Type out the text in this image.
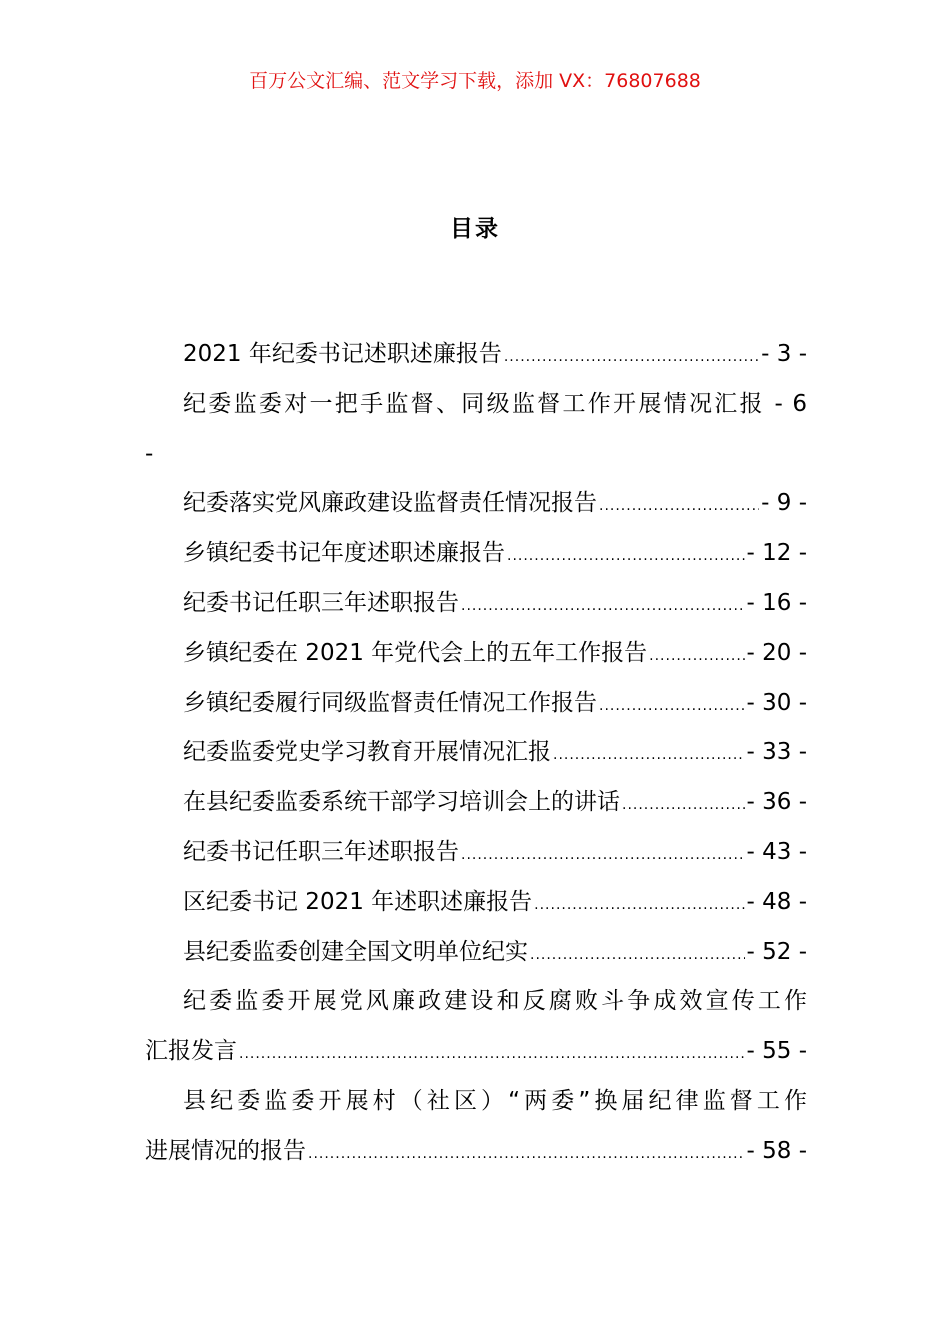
百万公文汇编、范文学习下载，添加 VX：76807688
目录
2021 年纪委书记述职述廉报告 .....	- 3 -
纪委监委对一把手监督、同级监督工作开展情况汇报 - 6
-
纪委落实党风廉政建设监督责任情况报告 .....	- 9 -
乡镇纪委书记年度述职述廉报告 .....	- 12 -
纪委书记任职三年述职报告 .....	- 16 -
乡镇纪委在 2021 年党代会上的五年工作报告 .....	- 20 -
乡镇纪委履行同级监督责任情况工作报告 .....	- 30 -
纪委监委党史学习教育开展情况汇报 .....	- 33 -
在县纪委监委系统干部学习培训会上的讲话 .....	- 36 -
纪委书记任职三年述职报告 .....	- 43 -
区纪委书记 2021 年述职述廉报告 .....	- 48 -
县纪委监委创建全国文明单位纪实 .....	- 52 -
纪委监委开展党风廉政建设和反腐败斗争成效宣传工作
汇报发言 .....	- 55 -
县纪委监委开展村（社区）“两委”换届纪律监督工作
进展情况的报告 .....	- 58 -
